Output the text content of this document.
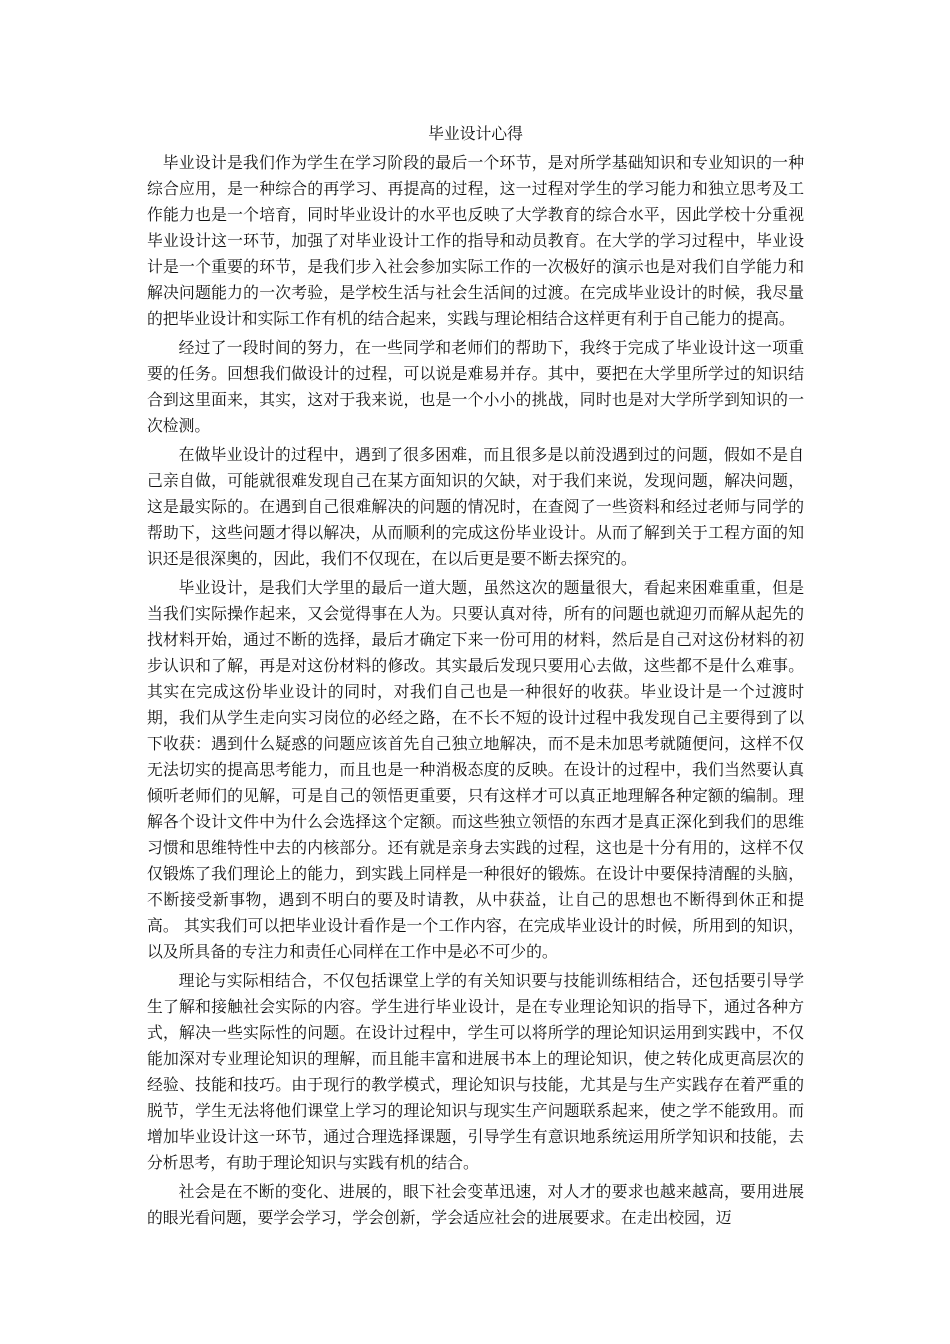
毕业设计心得

毕业设计是我们作为学生在学习阶段的最后一个环节，是对所学基础知识和专业知识的一种综合应用，是一种综合的再学习、再提高的过程，这一过程对学生的学习能力和独立思考及工作能力也是一个培育，同时毕业设计的水平也反映了大学教育的综合水平，因此学校十分重视毕业设计这一环节，加强了对毕业设计工作的指导和动员教育。在大学的学习过程中，毕业设计是一个重要的环节，是我们步入社会参加实际工作的一次极好的演示也是对我们自学能力和解决问题能力的一次考验，是学校生活与社会生活间的过渡。在完成毕业设计的时候，我尽量的把毕业设计和实际工作有机的结合起来，实践与理论相结合这样更有利于自己能力的提高。

经过了一段时间的努力，在一些同学和老师们的帮助下，我终于完成了毕业设计这一项重要的任务。回想我们做设计的过程，可以说是难易并存。其中，要把在大学里所学过的知识结合到这里面来，其实，这对于我来说，也是一个小小的挑战，同时也是对大学所学到知识的一次检测。

在做毕业设计的过程中，遇到了很多困难，而且很多是以前没遇到过的问题，假如不是自己亲自做，可能就很难发现自己在某方面知识的欠缺，对于我们来说，发现问题，解决问题，这是最实际的。在遇到自己很难解决的问题的情况时，在查阅了一些资料和经过老师与同学的帮助下，这些问题才得以解决，从而顺利的完成这份毕业设计。从而了解到关于工程方面的知识还是很深奥的，因此，我们不仅现在，在以后更是要不断去探究的。

毕业设计，是我们大学里的最后一道大题，虽然这次的题量很大，看起来困难重重，但是当我们实际操作起来，又会觉得事在人为。只要认真对待，所有的问题也就迎刃而解从起先的找材料开始，通过不断的选择，最后才确定下来一份可用的材料，然后是自己对这份材料的初步认识和了解，再是对这份材料的修改。其实最后发现只要用心去做，这些都不是什么难事。其实在完成这份毕业设计的同时，对我们自己也是一种很好的收获。毕业设计是一个过渡时期，我们从学生走向实习岗位的必经之路，在不长不短的设计过程中我发现自己主要得到了以下收获：遇到什么疑惑的问题应该首先自己独立地解决，而不是未加思考就随便问，这样不仅无法切实的提高思考能力，而且也是一种消极态度的反映。在设计的过程中，我们当然要认真倾听老师们的见解，可是自己的领悟更重要，只有这样才可以真正地理解各种定额的编制。理解各个设计文件中为什么会选择这个定额。而这些独立领悟的东西才是真正深化到我们的思维习惯和思维特性中去的内核部分。还有就是亲身去实践的过程，这也是十分有用的，这样不仅仅锻炼了我们理论上的能力，到实践上同样是一种很好的锻炼。在设计中要保持清醒的头脑，不断接受新事物，遇到不明白的要及时请教，从中获益，让自己的思想也不断得到休正和提高。 其实我们可以把毕业设计看作是一个工作内容，在完成毕业设计的时候，所用到的知识，以及所具备的专注力和责任心同样在工作中是必不可少的。

理论与实际相结合，不仅包括课堂上学的有关知识要与技能训练相结合，还包括要引导学生了解和接触社会实际的内容。学生进行毕业设计，是在专业理论知识的指导下，通过各种方式，解决一些实际性的问题。在设计过程中，学生可以将所学的理论知识运用到实践中，不仅能加深对专业理论知识的理解，而且能丰富和进展书本上的理论知识，使之转化成更高层次的经验、技能和技巧。由于现行的教学模式，理论知识与技能，尤其是与生产实践存在着严重的脱节，学生无法将他们课堂上学习的理论知识与现实生产问题联系起来，使之学不能致用。而增加毕业设计这一环节，通过合理选择课题，引导学生有意识地系统运用所学知识和技能，去分析思考，有助于理论知识与实践有机的结合。

社会是在不断的变化、进展的，眼下社会变革迅速，对人才的要求也越来越高，要用进展的眼光看问题，要学会学习，学会创新，学会适应社会的进展要求。在走出校园，迈
